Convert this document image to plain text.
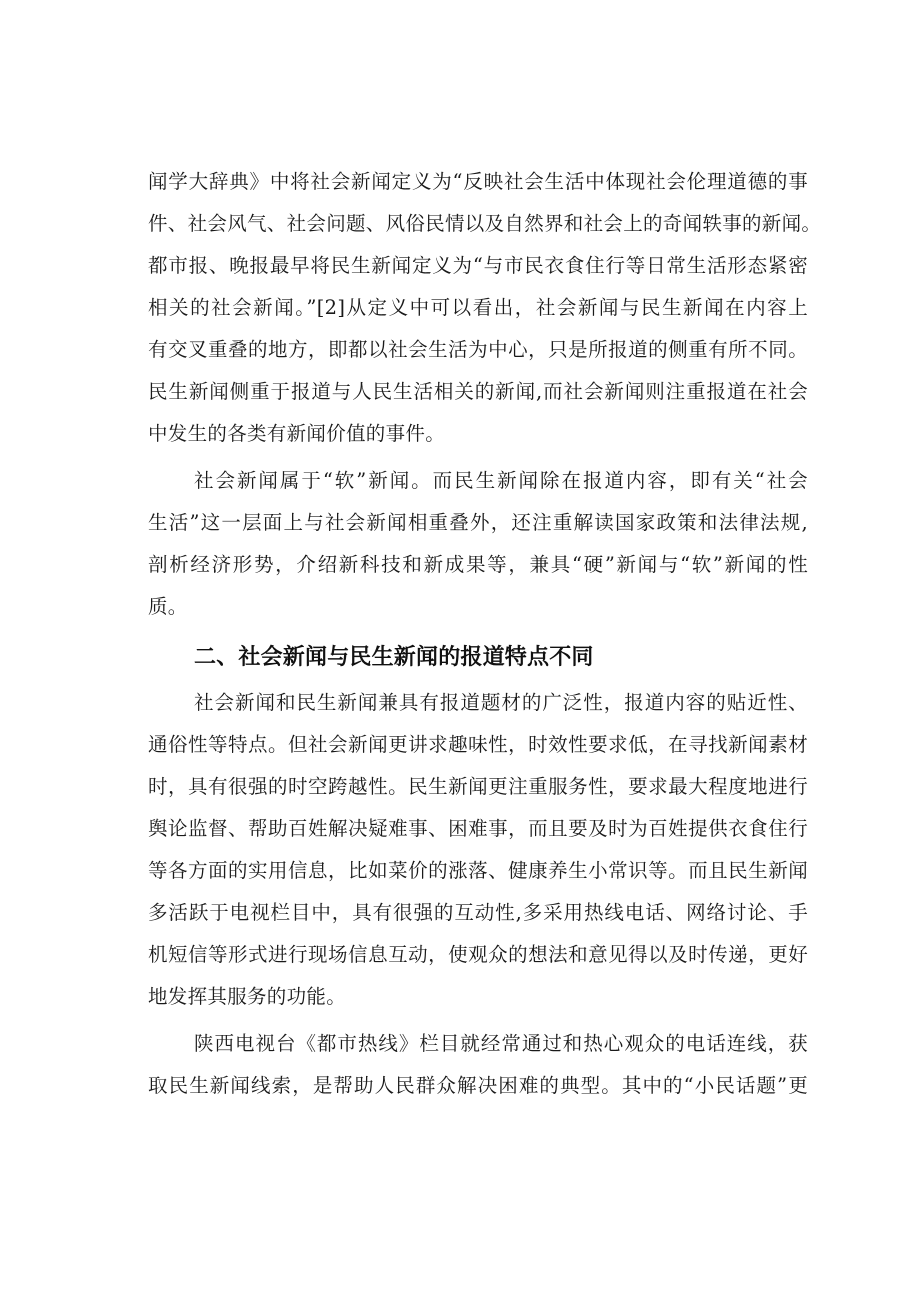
闻学大辞典》中将社会新闻定义为“反映社会生活中体现社会伦理道德的事
件、社会风气、社会问题、风俗民情以及自然界和社会上的奇闻轶事的新闻。
都市报、晚报最早将民生新闻定义为“与市民衣食住行等日常生活形态紧密
相关的社会新闻。”[2]从定义中可以看出，社会新闻与民生新闻在内容上
有交叉重叠的地方，即都以社会生活为中心，只是所报道的侧重有所不同。
民生新闻侧重于报道与人民生活相关的新闻,而社会新闻则注重报道在社会
中发生的各类有新闻价值的事件。
社会新闻属于“软”新闻。而民生新闻除在报道内容，即有关“社会
生活”这一层面上与社会新闻相重叠外，还注重解读国家政策和法律法规,
剖析经济形势，介绍新科技和新成果等，兼具“硬”新闻与“软”新闻的性
质。
二、社会新闻与民生新闻的报道特点不同
社会新闻和民生新闻兼具有报道题材的广泛性，报道内容的贴近性、
通俗性等特点。但社会新闻更讲求趣味性，时效性要求低，在寻找新闻素材
时，具有很强的时空跨越性。民生新闻更注重服务性，要求最大程度地进行
舆论监督、帮助百姓解决疑难事、困难事，而且要及时为百姓提供衣食住行
等各方面的实用信息，比如菜价的涨落、健康养生小常识等。而且民生新闻
多活跃于电视栏目中，具有很强的互动性,多采用热线电话、网络讨论、手
机短信等形式进行现场信息互动，使观众的想法和意见得以及时传递，更好
地发挥其服务的功能。
陕西电视台《都市热线》栏目就经常通过和热心观众的电话连线，获
取民生新闻线索，是帮助人民群众解决困难的典型。其中的“小民话题”更
